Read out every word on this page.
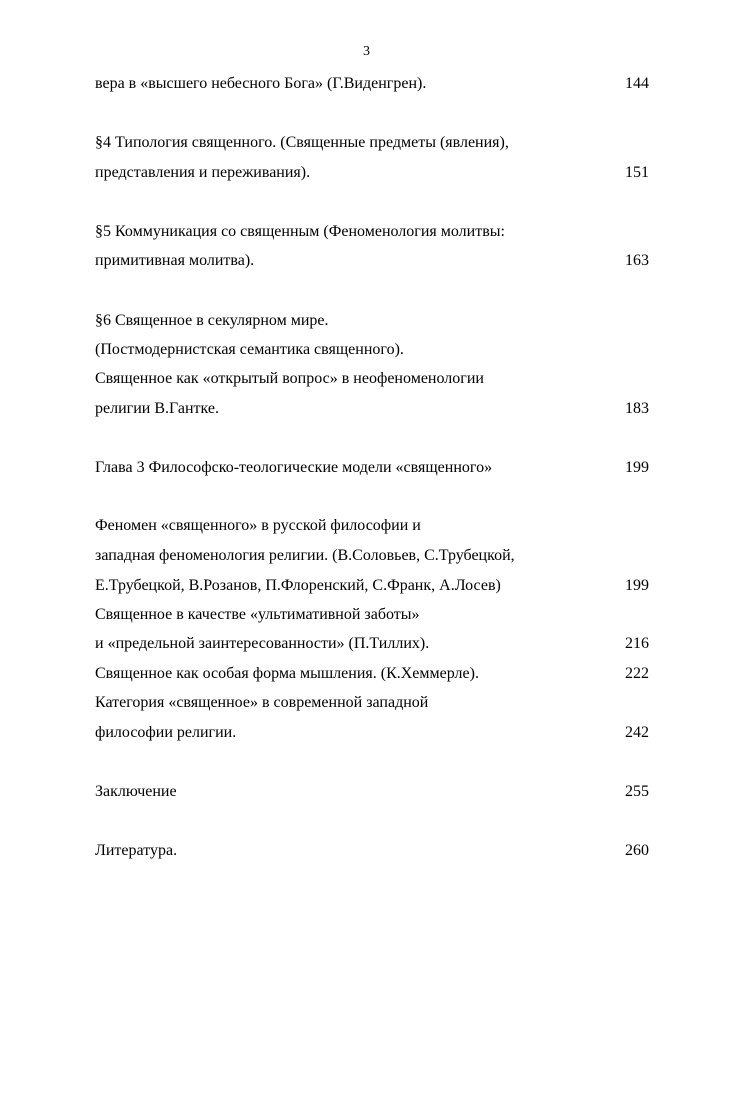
3
вера в «высшего небесного Бога» (Г.Виденгрен).	144
§4 Типология священного. (Священные предметы (явления),
представления и переживания).	151
§5 Коммуникация со священным (Феноменология молитвы:
примитивная молитва).	163
§6 Священное в секулярном мире.
(Постмодернистская семантика священного).
Священное как «открытый вопрос» в неофеноменологии
религии В.Гантке.	183
Глава 3 Философско-теологические модели «священного»	199
Феномен «священного» в русской философии и
западная феноменология религии. (В.Соловьев, С.Трубецкой,
Е.Трубецкой, В.Розанов, П.Флоренский, С.Франк, А.Лосев)	199
Священное в качестве «ультимативной заботы»
и «предельной заинтересованности» (П.Тиллих).	216
Священное как особая форма мышления. (К.Хеммерле).	222
Категория «священное» в современной западной
философии религии.	242
Заключение	255
Литература.	260
